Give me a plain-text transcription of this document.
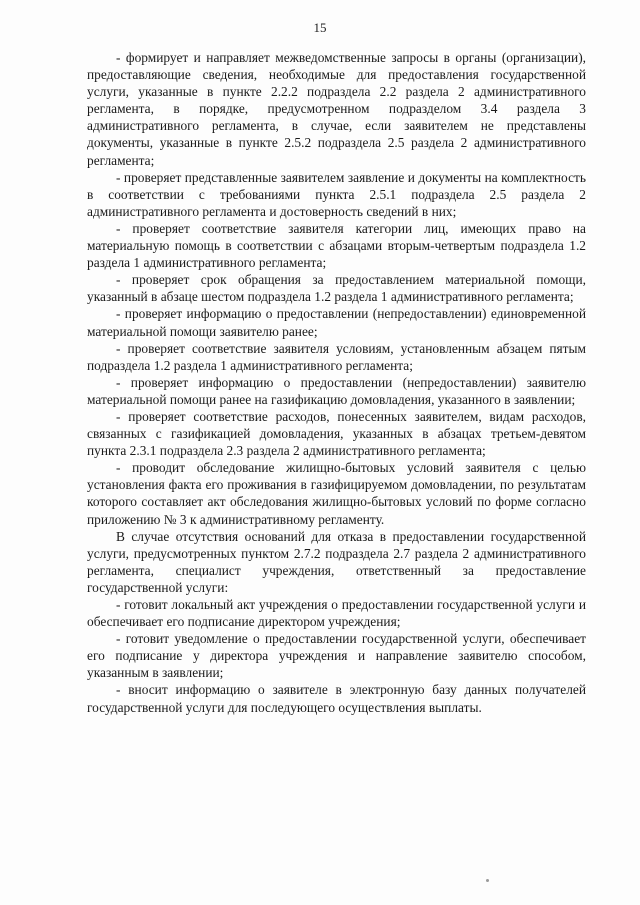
15

- формирует и направляет межведомственные запросы в органы (организации), предоставляющие сведения, необходимые для предоставления государственной услуги, указанные в пункте 2.2.2 подраздела 2.2 раздела 2 административного регламента, в порядке, предусмотренном подразделом 3.4 раздела 3 административного регламента, в случае, если заявителем не представлены документы, указанные в пункте 2.5.2 подраздела 2.5 раздела 2 административного регламента;

- проверяет представленные заявителем заявление и документы на комплектность в соответствии с требованиями пункта 2.5.1 подраздела 2.5 раздела 2 административного регламента и достоверность сведений в них;

- проверяет соответствие заявителя категории лиц, имеющих право на материальную помощь в соответствии с абзацами вторым-четвертым подраздела 1.2 раздела 1 административного регламента;

- проверяет срок обращения за предоставлением материальной помощи, указанный в абзаце шестом подраздела 1.2 раздела 1 административного регламента;

- проверяет информацию о предоставлении (непредоставлении) единовременной материальной помощи заявителю ранее;

- проверяет соответствие заявителя условиям, установленным абзацем пятым подраздела 1.2 раздела 1 административного регламента;

- проверяет информацию о предоставлении (непредоставлении) заявителю материальной помощи ранее на газификацию домовладения, указанного в заявлении;

- проверяет соответствие расходов, понесенных заявителем, видам расходов, связанных с газификацией домовладения, указанных в абзацах третьем-девятом пункта 2.3.1 подраздела 2.3 раздела 2 административного регламента;

- проводит обследование жилищно-бытовых условий заявителя с целью установления факта его проживания в газифицируемом домовладении, по результатам которого составляет акт обследования жилищно-бытовых условий по форме согласно приложению № 3 к административному регламенту.

В случае отсутствия оснований для отказа в предоставлении государственной услуги, предусмотренных пунктом 2.7.2 подраздела 2.7 раздела 2 административного регламента, специалист учреждения, ответственный за предоставление государственной услуги:

- готовит локальный акт учреждения о предоставлении государственной услуги и обеспечивает его подписание директором учреждения;

- готовит уведомление о предоставлении государственной услуги, обеспечивает его подписание у директора учреждения и направление заявителю способом, указанным в заявлении;

- вносит информацию о заявителе в электронную базу данных получателей государственной услуги для последующего осуществления выплаты.
